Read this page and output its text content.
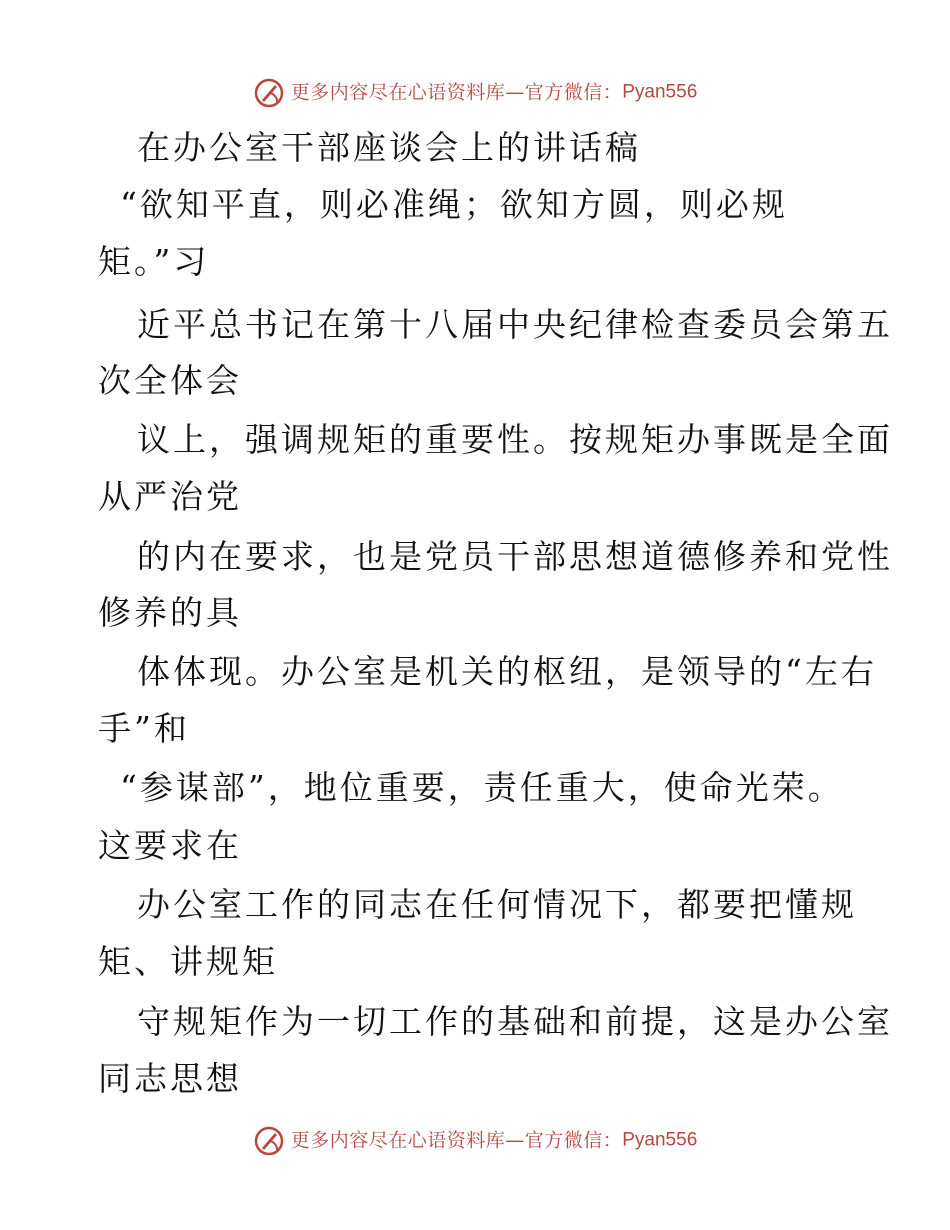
更多内容尽在心语资料库—官方微信：Pyan556
在办公室干部座谈会上的讲话稿
“欲知平直，则必准绳；欲知方圆，则必规
矩。”习
近平总书记在第十八届中央纪律检查委员会第五
次全体会
议上，强调规矩的重要性。按规矩办事既是全面
从严治党
的内在要求，也是党员干部思想道德修养和党性
修养的具
体体现。办公室是机关的枢纽，是领导的“左右
手”和
“参谋部”，地位重要，责任重大，使命光荣。
这要求在
办公室工作的同志在任何情况下，都要把懂规
矩、讲规矩
守规矩作为一切工作的基础和前提，这是办公室
同志思想
更多内容尽在心语资料库—官方微信：Pyan556
